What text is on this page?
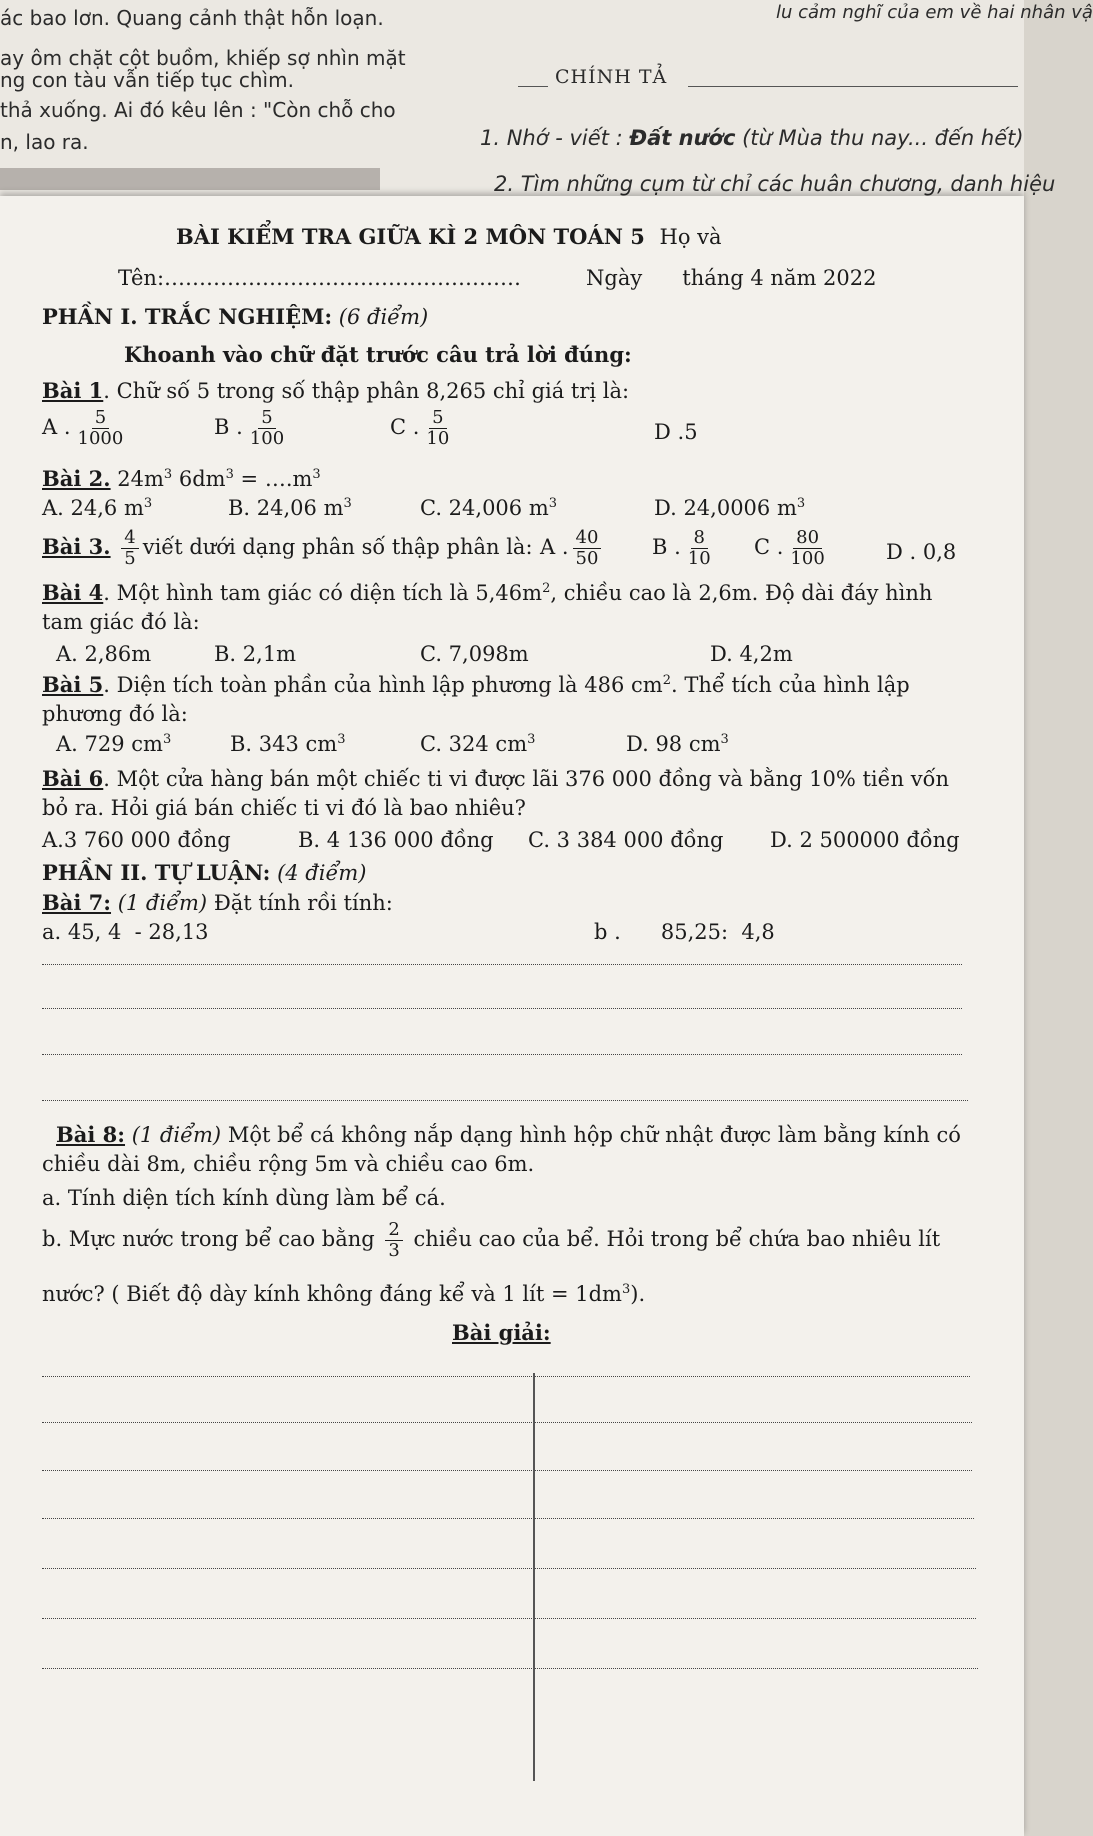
ác bao lơn. Quang cảnh thật hỗn loạn.
ay ôm chặt cột buồm, khiếp sợ nhìn mặt
ng con tàu vẫn tiếp tục chìm.
thả xuống. Ai đó kêu lên : "Còn chỗ cho
n, lao ra.
lu cảm nghĩ của em về hai nhân vậ
CHÍNH TẢ
1. Nhớ - viết : Đất nước (từ Mùa thu nay... đến hết)
2. Tìm những cụm từ chỉ các huân chương, danh hiệu
BÀI KIỂM TRA GIỮA KÌ 2 MÔN TOÁN 5 Họ và
Tên:……………………………………………	Ngày      tháng 4 năm 2022
PHẦN I. TRẮC NGHIỆM: (6 điểm)
Khoanh vào chữ đặt trước câu trả lời đúng:
Bài 1. Chữ số 5 trong số thập phân 8,265 chỉ giá trị là:
A . $\frac{5}{1000}$	B . $\frac{5}{100}$	C . $\frac{5}{10}$	D .5
Bài 2. $24m^3$ $6dm^3$ = $\dots.m^3$
A. 24,6 $m^3$	B. 24,06 $m^3$	C. 24,006 $m^3$	D. 24,0006 $m^3$
Bài 3. $\frac{4}{5}$ viết dưới dạng phân số thập phân là: A . $\frac{40}{50}$ B . $\frac{8}{10}$ C . $\frac{80}{100}$	D . 0,8
Bài 4. Một hình tam giác có diện tích là $5,46m^2$, chiều cao là 2,6m. Độ dài đáy hình
tam giác đó là:
A. 2,86m	B. 2,1m	C. 7,098m	D. 4,2m
Bài 5. Diện tích toàn phần của hình lập phương là 486 $cm^2$. Thể tích của hình lập
phương đó là:
A. 729 $cm^3$	B. 343 $cm^3$	C. 324 $cm^3$	D. 98 $cm^3$
Bài 6. Một cửa hàng bán một chiếc ti vi được lãi 376 000 đồng và bằng 10% tiền vốn
bỏ ra. Hỏi giá bán chiếc ti vi đó là bao nhiêu?
A.3 760 000 đồng	B. 4 136 000 đồng C. 3 384 000 đồng D. 2 500000 đồng
PHẦN II. TỰ LUẬN: (4 điểm)
Bài 7: (1 điểm) Đặt tính rồi tính:
a. 45, 4  - 28,13	b .      85,25:  4,8
Bài 8: (1 điểm) Một bể cá không nắp dạng hình hộp chữ nhật được làm bằng kính có
chiều dài 8m, chiều rộng 5m và chiều cao 6m.
a. Tính diện tích kính dùng làm bể cá.
b. Mực nước trong bể cao bằng $\frac{2}{3}$ chiều cao của bể. Hỏi trong bể chứa bao nhiêu lít
nước? ( Biết độ dày kính không đáng kể và 1 lít = $1dm^3$).
Bài giải:
